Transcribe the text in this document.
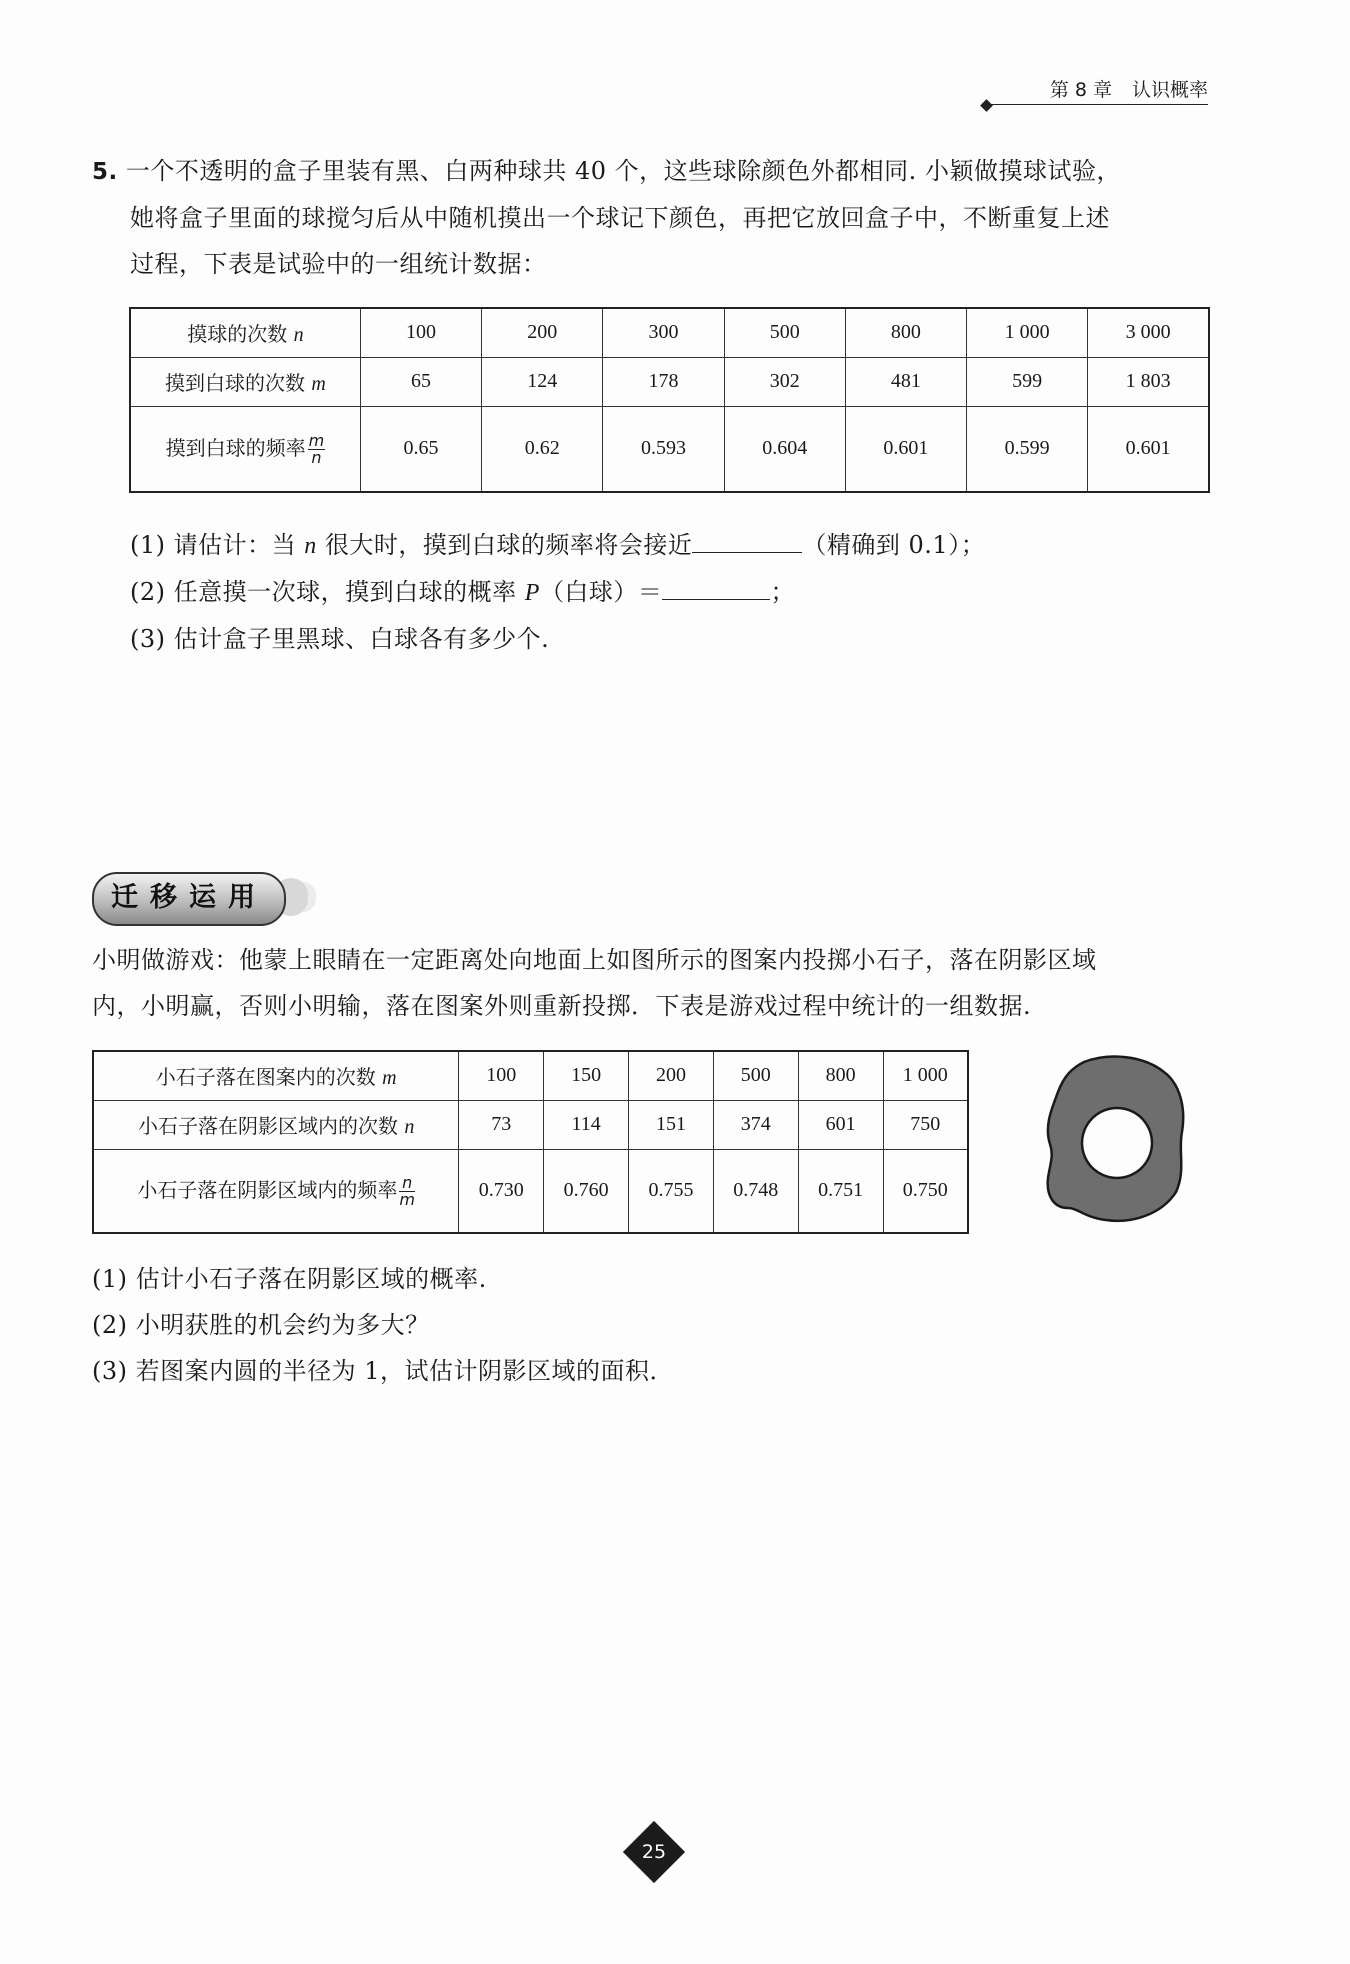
第 8 章 认识概率
5. 一个不透明的盒子里装有黑、白两种球共 40 个，这些球除颜色外都相同. 小颖做摸球试验，
她将盒子里面的球搅匀后从中随机摸出一个球记下颜色，再把它放回盒子中，不断重复上述
过程，下表是试验中的一组统计数据：
摸球的次数 n	100	200	300	500	800	1 000	3 000
摸到白球的次数 m	65	124	178	302	481	599	1 803
摸到白球的频率 $\frac{m}{n}$	0.65	0.62	0.593	0.604	0.601	0.599	0.601
(1) 请估计：当 n 很大时，摸到白球的频率将会接近	（精确到 0.1）；
(2) 任意摸一次球，摸到白球的概率 P（白球）＝	；
(3) 估计盒子里黑球、白球各有多少个.
迁移运用
小明做游戏：他蒙上眼睛在一定距离处向地面上如图所示的图案内投掷小石子，落在阴影区域
内，小明赢，否则小明输，落在图案外则重新投掷．下表是游戏过程中统计的一组数据.
小石子落在图案内的次数 m	100	150	200	500	800	1 000
小石子落在阴影区域内的次数 n	73	114	151	374	601	750
小石子落在阴影区域内的频率 $\frac{n}{m}$	0.730	0.760	0.755	0.748	0.751	0.750
(1) 估计小石子落在阴影区域的概率.
(2) 小明获胜的机会约为多大？
(3) 若图案内圆的半径为 1，试估计阴影区域的面积．
25
